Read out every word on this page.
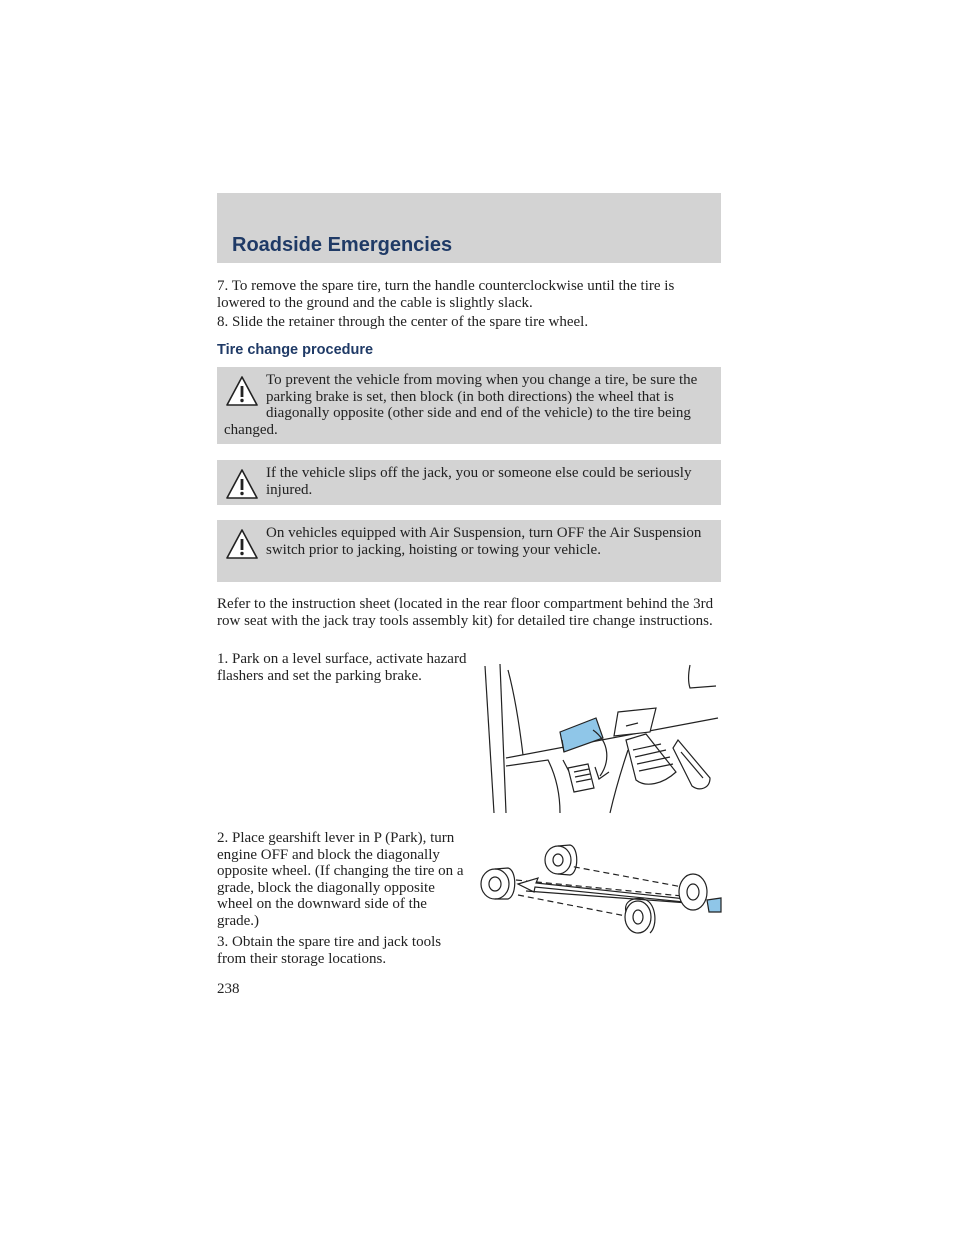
Roadside Emergencies

7. To remove the spare tire, turn the handle counterclockwise until the tire is lowered to the ground and the cable is slightly slack.

8. Slide the retainer through the center of the spare tire wheel.

Tire change procedure

To prevent the vehicle from moving when you change a tire, be sure the parking brake is set, then block (in both directions) the wheel that is diagonally opposite (other side and end of the vehicle) to the tire being changed.

If the vehicle slips off the jack, you or someone else could be seriously injured.

On vehicles equipped with Air Suspension, turn OFF the Air Suspension switch prior to jacking, hoisting or towing your vehicle.

Refer to the instruction sheet (located in the rear floor compartment behind the 3rd row seat with the jack tray tools assembly kit) for detailed tire change instructions.

1. Park on a level surface, activate hazard flashers and set the parking brake.

2. Place gearshift lever in P (Park), turn engine OFF and block the diagonally opposite wheel. (If changing the tire on a grade, block the diagonally opposite wheel on the downward side of the grade.)

3. Obtain the spare tire and jack tools from their storage locations.

238
